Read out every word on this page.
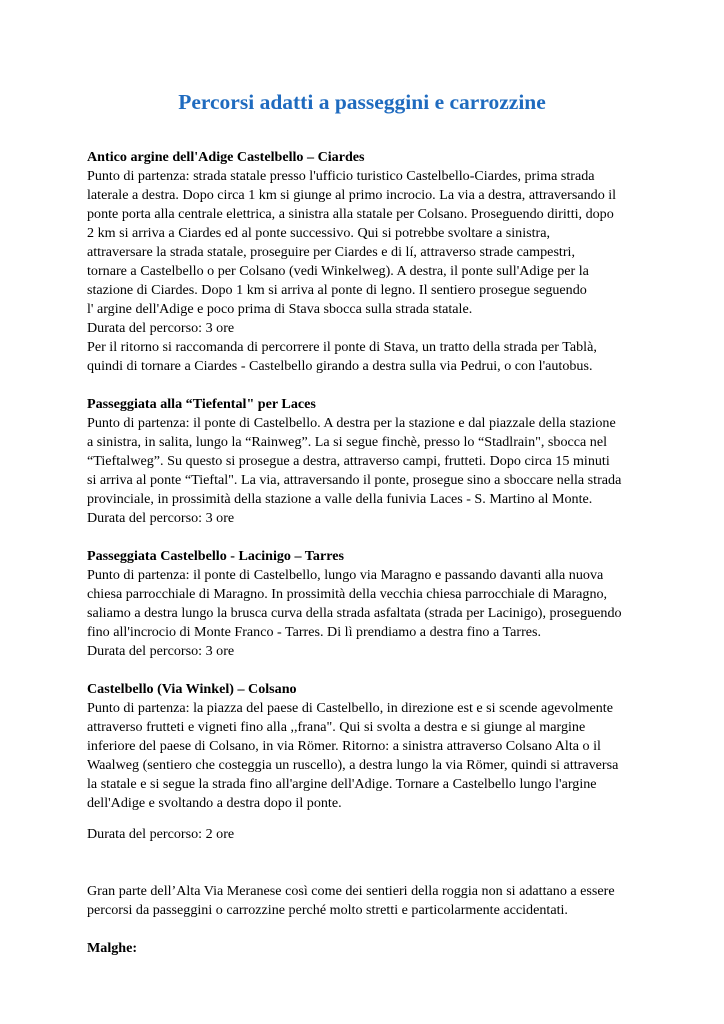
Percorsi adatti a passeggini e carrozzine

Antico argine dell'Adige Castelbello – Ciardes

Punto di partenza: strada statale presso l'ufficio turistico Castelbello-Ciardes, prima strada

laterale a destra. Dopo circa 1 km si giunge al primo incrocio. La via a destra, attraversando il

ponte porta alla centrale elettrica, a sinistra alla statale per Colsano. Proseguendo diritti, dopo

2 km si arriva a Ciardes ed al ponte successivo. Qui si potrebbe svoltare a sinistra,

attraversare la strada statale, proseguire per Ciardes e di lí, attraverso strade campestri,

tornare a Castelbello o per Colsano (vedi Winkelweg). A destra, il ponte sull'Adige per la

stazione di Ciardes. Dopo 1 km si arriva al ponte di legno. Il sentiero prosegue seguendo

l' argine dell'Adige e poco prima di Stava sbocca sulla strada statale.

Durata del percorso: 3 ore

Per il ritorno si raccomanda di percorrere il ponte di Stava, un tratto della strada per Tablà,

quindi di tornare a Ciardes - Castelbello girando a destra sulla via Pedrui, o con l'autobus.

Passeggiata alla “Tiefental" per Laces

Punto di partenza: il ponte di Castelbello. A destra per la stazione e dal piazzale della stazione

a sinistra, in salita, lungo la “Rainweg”. La si segue finchè, presso lo “Stadlrain", sbocca nel

“Tieftalweg”. Su questo si prosegue a destra, attraverso campi, frutteti. Dopo circa 15 minuti

si arriva al ponte “Tieftal". La via, attraversando il ponte, prosegue sino a sboccare nella strada

provinciale, in prossimità della stazione a valle della funivia Laces - S. Martino al Monte.

Durata del percorso: 3 ore

Passeggiata Castelbello - Lacinigo – Tarres

Punto di partenza: il ponte di Castelbello, lungo via Maragno e passando davanti alla nuova

chiesa parrocchiale di Maragno. In prossimità della vecchia chiesa parrocchiale di Maragno,

saliamo a destra lungo la brusca curva della strada asfaltata (strada per Lacinigo), proseguendo

fino all'incrocio di Monte Franco - Tarres. Di lì prendiamo a destra fino a Tarres.

Durata del percorso: 3 ore

Castelbello (Via Winkel) – Colsano

Punto di partenza: la piazza del paese di Castelbello, in direzione est e si scende agevolmente

attraverso frutteti e vigneti fino alla ,,frana". Qui si svolta a destra e si giunge al margine

inferiore del paese di Colsano, in via Römer. Ritorno: a sinistra attraverso Colsano Alta o il

Waalweg (sentiero che costeggia un ruscello), a destra lungo la via Römer, quindi si attraversa

la statale e si segue la strada fino all'argine dell'Adige. Tornare a Castelbello lungo l'argine

dell'Adige e svoltando a destra dopo il ponte.

Durata del percorso: 2 ore

Gran parte dell’Alta Via Meranese così come dei sentieri della roggia non si adattano a essere

percorsi da passeggini o carrozzine perché molto stretti e particolarmente accidentati.

Malghe:
